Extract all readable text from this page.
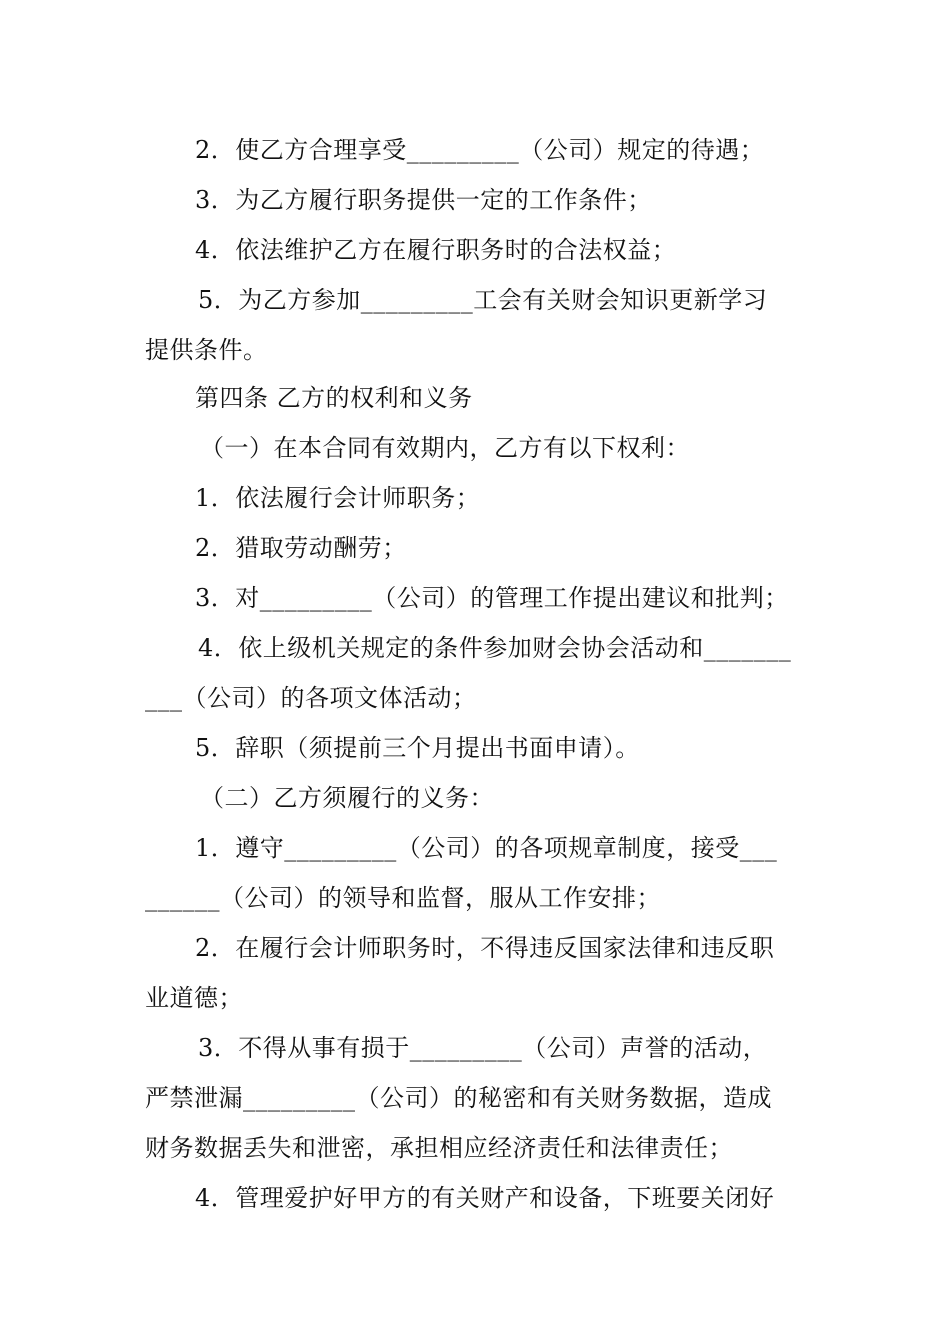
2．使乙方合理享受_________（公司）规定的待遇；
3．为乙方履行职务提供一定的工作条件；
4．依法维护乙方在履行职务时的合法权益；
5．为乙方参加_________工会有关财会知识更新学习
提供条件。
第四条 乙方的权利和义务
（一）在本合同有效期内，乙方有以下权利：
1．依法履行会计师职务；
2．猎取劳动酬劳；
3．对_________（公司）的管理工作提出建议和批判；
4．依上级机关规定的条件参加财会协会活动和_______
___（公司）的各项文体活动；
5．辞职（须提前三个月提出书面申请）。
（二）乙方须履行的义务：
1．遵守_________（公司）的各项规章制度，接受___
______（公司）的领导和监督，服从工作安排；
2．在履行会计师职务时，不得违反国家法律和违反职
业道德；
3．不得从事有损于_________（公司）声誉的活动，
严禁泄漏_________（公司）的秘密和有关财务数据，造成
财务数据丢失和泄密，承担相应经济责任和法律责任；
4．管理爱护好甲方的有关财产和设备，下班要关闭好
